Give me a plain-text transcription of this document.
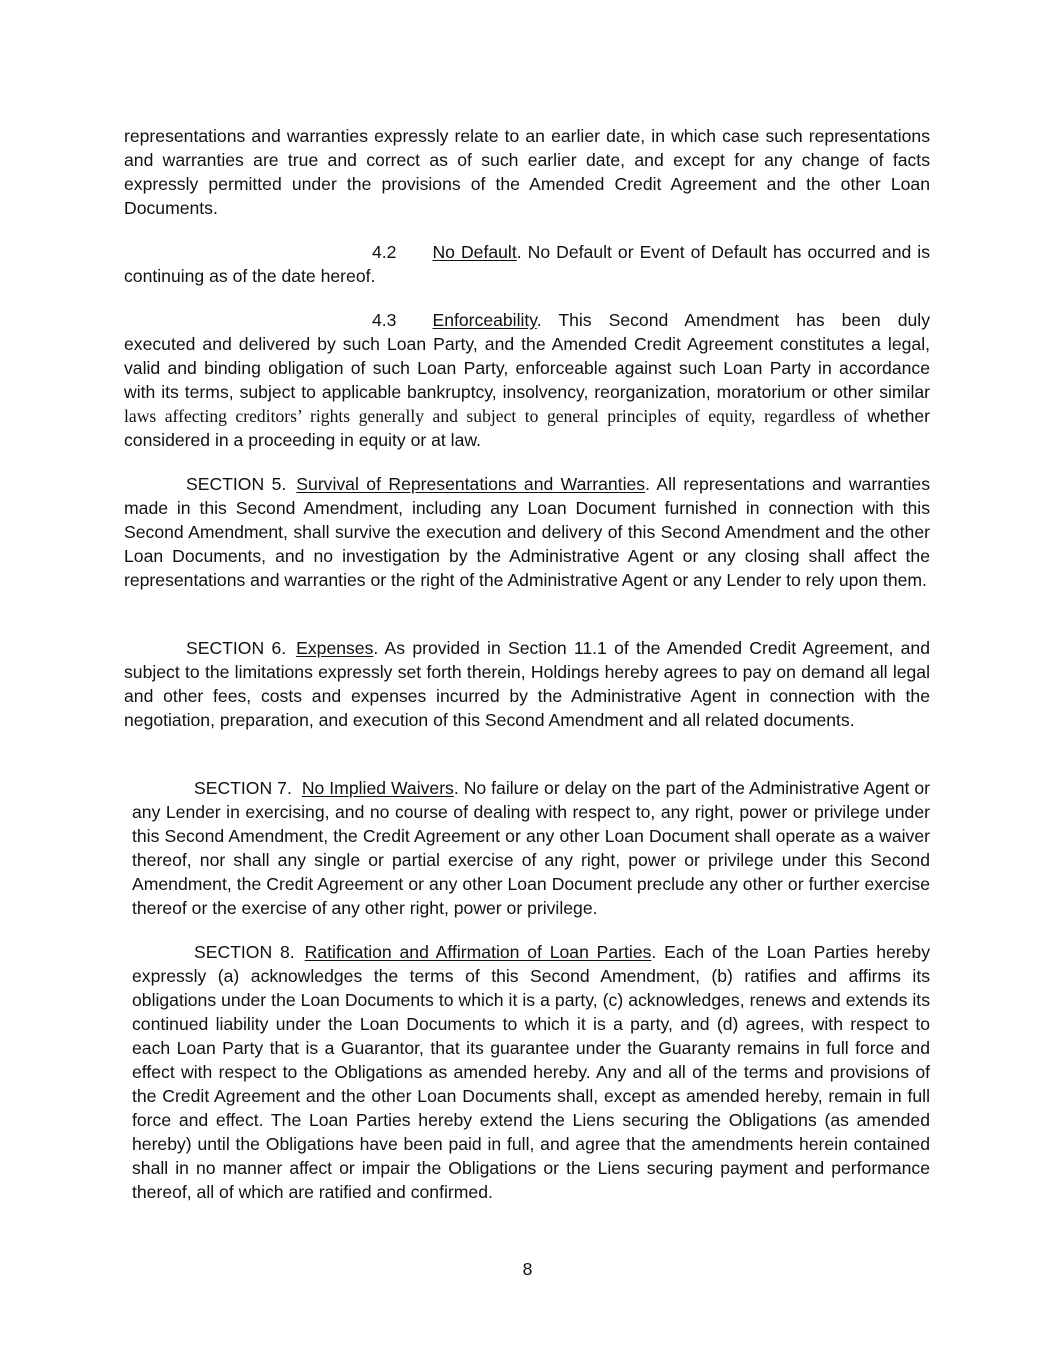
representations and warranties expressly relate to an earlier date, in which case such representations and warranties are true and correct as of such earlier date, and except for any change of facts expressly permitted under the provisions of the Amended Credit Agreement and the other Loan Documents.

4.2 No Default. No Default or Event of Default has occurred and is continuing as of the date hereof.

4.3 Enforceability. This Second Amendment has been duly executed and delivered by such Loan Party, and the Amended Credit Agreement constitutes a legal, valid and binding obligation of such Loan Party, enforceable against such Loan Party in accordance with its terms, subject to applicable bankruptcy, insolvency, reorganization, moratorium or other similar laws affecting creditors’ rights generally and subject to general principles of equity, regardless of whether considered in a proceeding in equity or at law.

SECTION 5. Survival of Representations and Warranties. All representations and warranties made in this Second Amendment, including any Loan Document furnished in connection with this Second Amendment, shall survive the execution and delivery of this Second Amendment and the other Loan Documents, and no investigation by the Administrative Agent or any closing shall affect the representations and warranties or the right of the Administrative Agent or any Lender to rely upon them.

SECTION 6. Expenses. As provided in Section 11.1 of the Amended Credit Agreement, and subject to the limitations expressly set forth therein, Holdings hereby agrees to pay on demand all legal and other fees, costs and expenses incurred by the Administrative Agent in connection with the negotiation, preparation, and execution of this Second Amendment and all related documents.

SECTION 7. No Implied Waivers. No failure or delay on the part of the Administrative Agent or any Lender in exercising, and no course of dealing with respect to, any right, power or privilege under this Second Amendment, the Credit Agreement or any other Loan Document shall operate as a waiver thereof, nor shall any single or partial exercise of any right, power or privilege under this Second Amendment, the Credit Agreement or any other Loan Document preclude any other or further exercise thereof or the exercise of any other right, power or privilege.

SECTION 8. Ratification and Affirmation of Loan Parties. Each of the Loan Parties hereby expressly (a) acknowledges the terms of this Second Amendment, (b) ratifies and affirms its obligations under the Loan Documents to which it is a party, (c) acknowledges, renews and extends its continued liability under the Loan Documents to which it is a party, and (d) agrees, with respect to each Loan Party that is a Guarantor, that its guarantee under the Guaranty remains in full force and effect with respect to the Obligations as amended hereby. Any and all of the terms and provisions of the Credit Agreement and the other Loan Documents shall, except as amended hereby, remain in full force and effect. The Loan Parties hereby extend the Liens securing the Obligations (as amended hereby) until the Obligations have been paid in full, and agree that the amendments herein contained shall in no manner affect or impair the Obligations or the Liens securing payment and performance thereof, all of which are ratified and confirmed.

8
